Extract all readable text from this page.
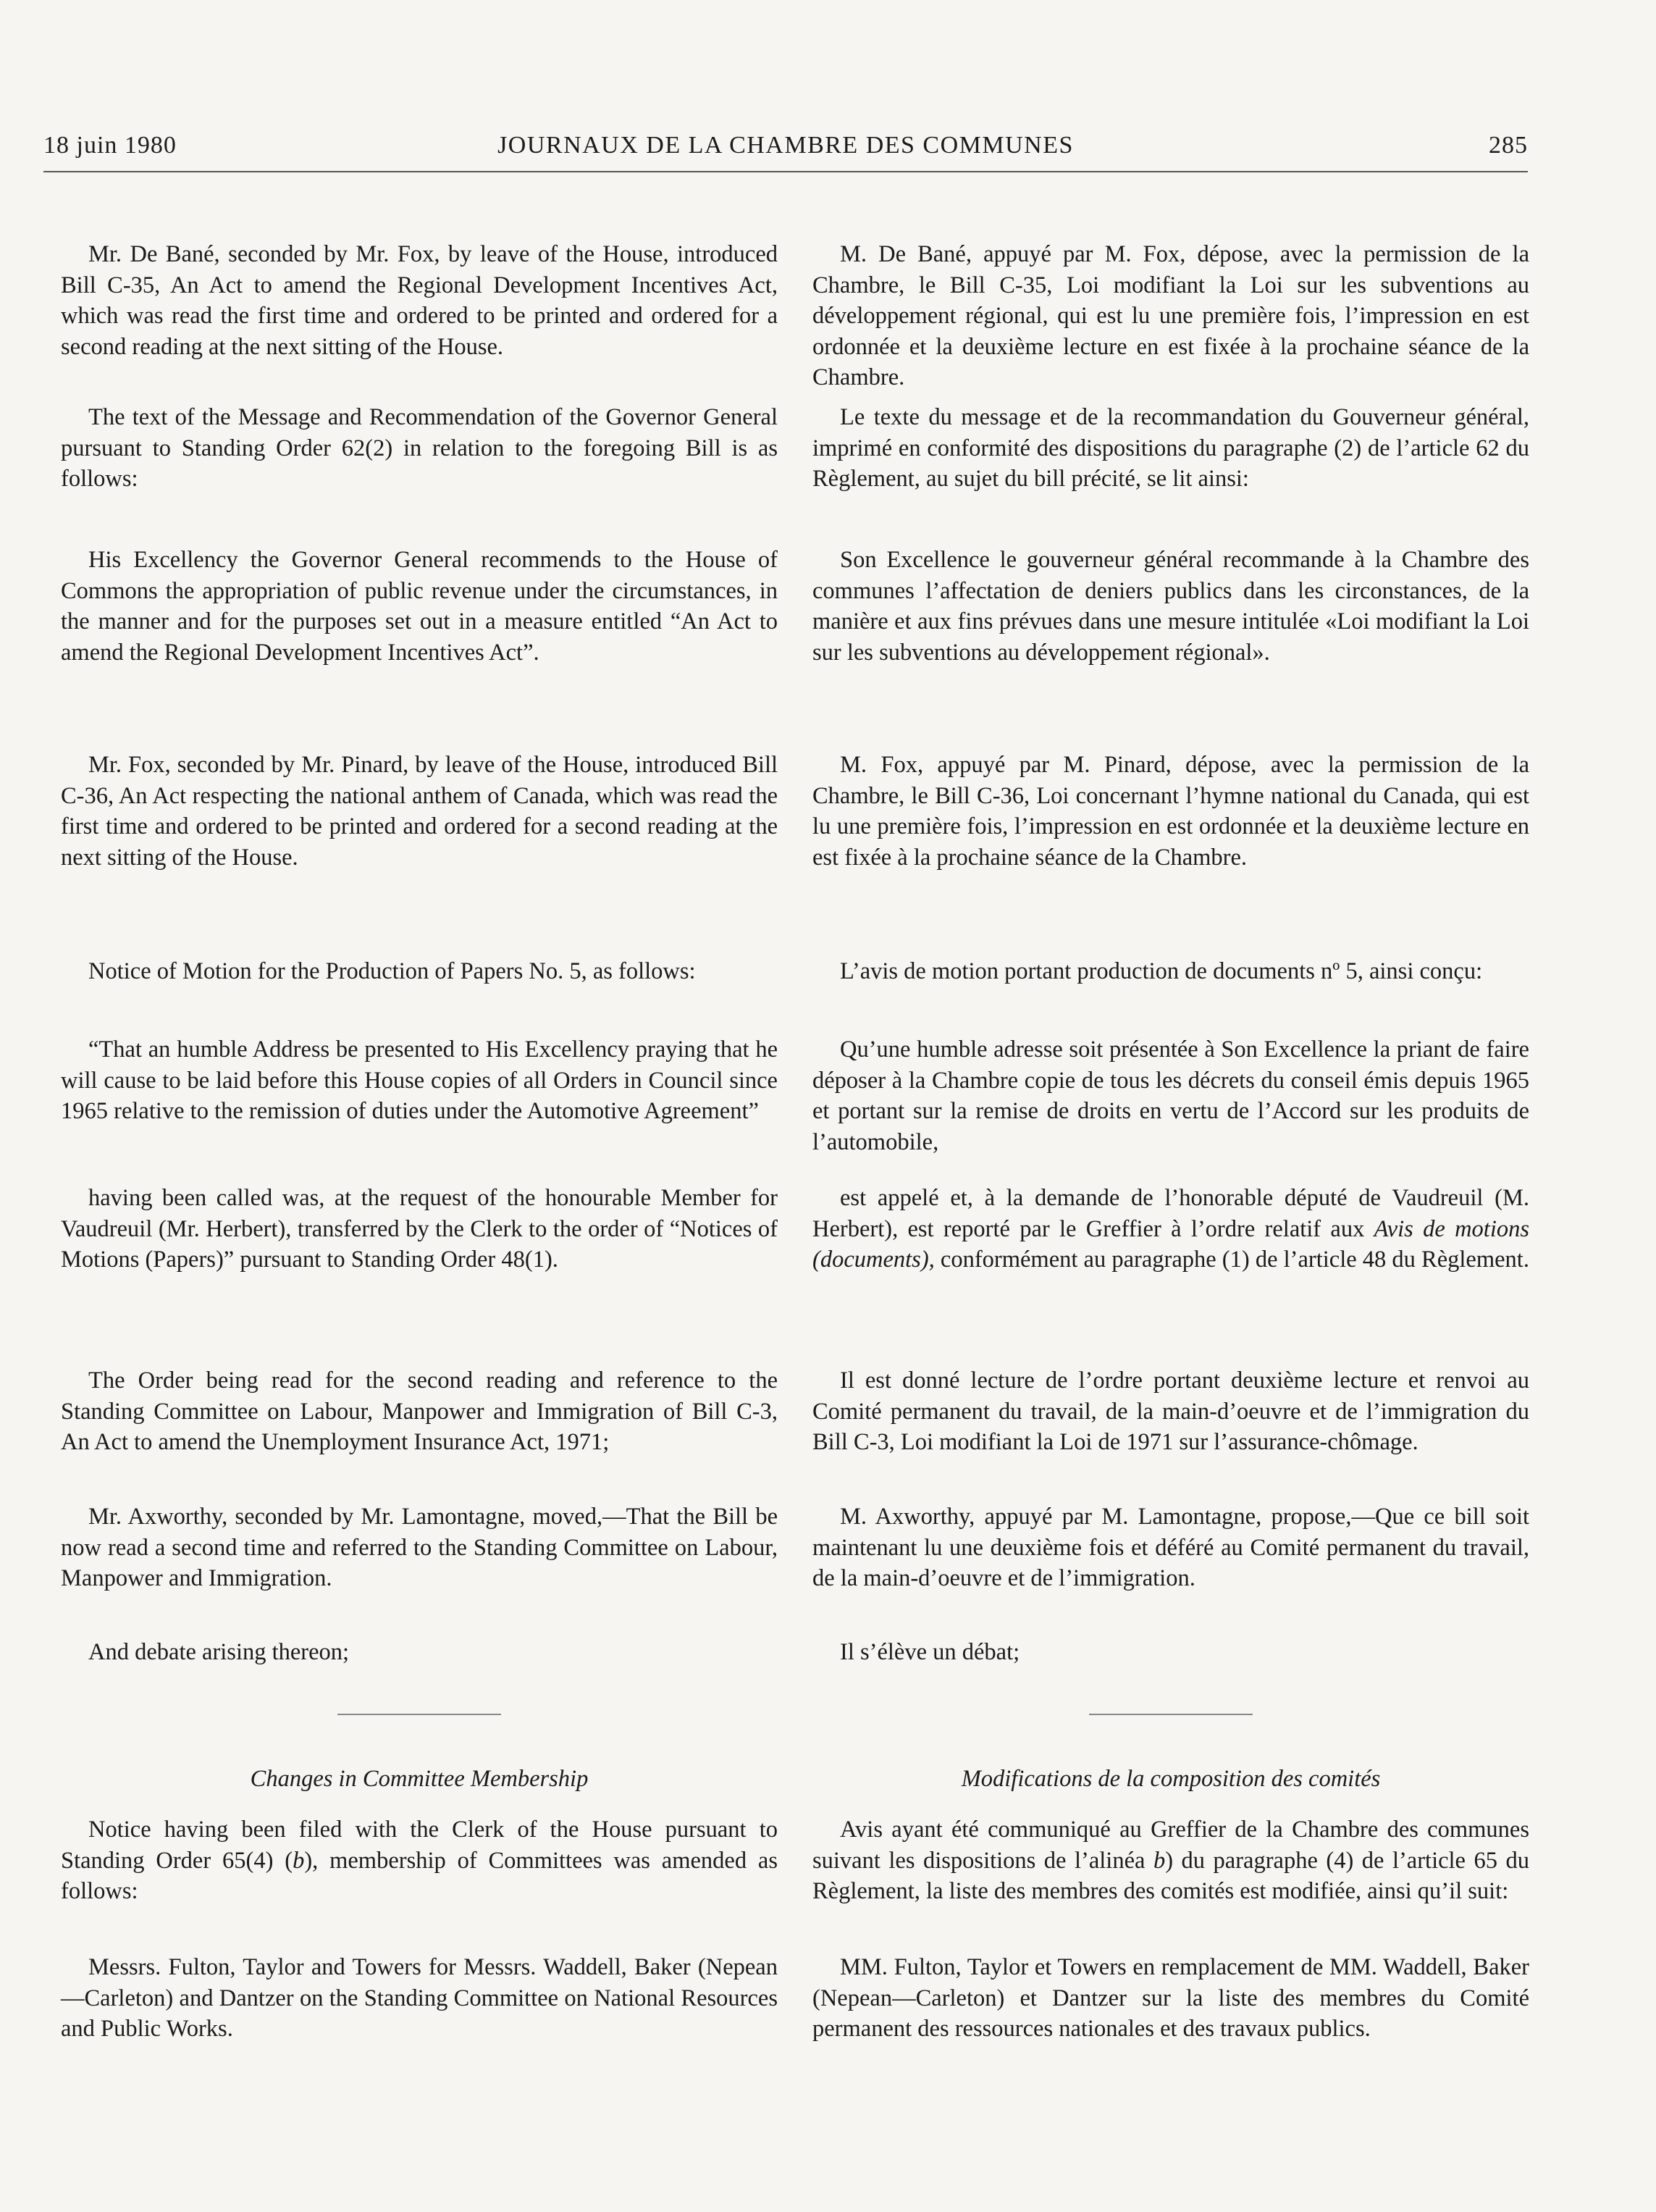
18 juin 1980	JOURNAUX DE LA CHAMBRE DES COMMUNES	285

Mr. De Bané, seconded by Mr. Fox, by leave of the House, introduced Bill C-35, An Act to amend the Regional Development Incentives Act, which was read the first time and ordered to be printed and ordered for a second reading at the next sitting of the House.

The text of the Message and Recommendation of the Governor General pursuant to Standing Order 62(2) in relation to the foregoing Bill is as follows:

His Excellency the Governor General recommends to the House of Commons the appropriation of public revenue under the circumstances, in the manner and for the purposes set out in a measure entitled “An Act to amend the Regional Development Incentives Act”.

Mr. Fox, seconded by Mr. Pinard, by leave of the House, introduced Bill C-36, An Act respecting the national anthem of Canada, which was read the first time and ordered to be printed and ordered for a second reading at the next sitting of the House.

Notice of Motion for the Production of Papers No. 5, as follows:

“That an humble Address be presented to His Excellency praying that he will cause to be laid before this House copies of all Orders in Council since 1965 relative to the remission of duties under the Automotive Agreement”

having been called was, at the request of the honourable Member for Vaudreuil (Mr. Herbert), transferred by the Clerk to the order of “Notices of Motions (Papers)” pursuant to Standing Order 48(1).

The Order being read for the second reading and reference to the Standing Committee on Labour, Manpower and Immigration of Bill C-3, An Act to amend the Unemployment Insurance Act, 1971;

Mr. Axworthy, seconded by Mr. Lamontagne, moved,—That the Bill be now read a second time and referred to the Standing Committee on Labour, Manpower and Immigration.

And debate arising thereon;

Changes in Committee Membership

Notice having been filed with the Clerk of the House pursuant to Standing Order 65(4) (b), membership of Committees was amended as follows:

Messrs. Fulton, Taylor and Towers for Messrs. Waddell, Baker (Nepean—Carleton) and Dantzer on the Standing Committee on National Resources and Public Works.

M. De Bané, appuyé par M. Fox, dépose, avec la permission de la Chambre, le Bill C-35, Loi modifiant la Loi sur les subventions au développement régional, qui est lu une première fois, l’impression en est ordonnée et la deuxième lecture en est fixée à la prochaine séance de la Chambre.

Le texte du message et de la recommandation du Gouverneur général, imprimé en conformité des dispositions du paragraphe (2) de l’article 62 du Règlement, au sujet du bill précité, se lit ainsi:

Son Excellence le gouverneur général recommande à la Chambre des communes l’affectation de deniers publics dans les circonstances, de la manière et aux fins prévues dans une mesure intitulée «Loi modifiant la Loi sur les subventions au développement régional».

M. Fox, appuyé par M. Pinard, dépose, avec la permission de la Chambre, le Bill C-36, Loi concernant l’hymne national du Canada, qui est lu une première fois, l’impression en est ordonnée et la deuxième lecture en est fixée à la prochaine séance de la Chambre.

L’avis de motion portant production de documents nº 5, ainsi conçu:

Qu’une humble adresse soit présentée à Son Excellence la priant de faire déposer à la Chambre copie de tous les décrets du conseil émis depuis 1965 et portant sur la remise de droits en vertu de l’Accord sur les produits de l’automobile,

est appelé et, à la demande de l’honorable député de Vaudreuil (M. Herbert), est reporté par le Greffier à l’ordre relatif aux Avis de motions (documents), conformément au paragraphe (1) de l’article 48 du Règlement.

Il est donné lecture de l’ordre portant deuxième lecture et renvoi au Comité permanent du travail, de la main-d’oeuvre et de l’immigration du Bill C-3, Loi modifiant la Loi de 1971 sur l’assurance-chômage.

M. Axworthy, appuyé par M. Lamontagne, propose,—Que ce bill soit maintenant lu une deuxième fois et déféré au Comité permanent du travail, de la main-d’oeuvre et de l’immigration.

Il s’élève un débat;

Modifications de la composition des comités

Avis ayant été communiqué au Greffier de la Chambre des communes suivant les dispositions de l’alinéa b) du paragraphe (4) de l’article 65 du Règlement, la liste des membres des comités est modifiée, ainsi qu’il suit:

MM. Fulton, Taylor et Towers en remplacement de MM. Waddell, Baker (Nepean—Carleton) et Dantzer sur la liste des membres du Comité permanent des ressources nationales et des travaux publics.
